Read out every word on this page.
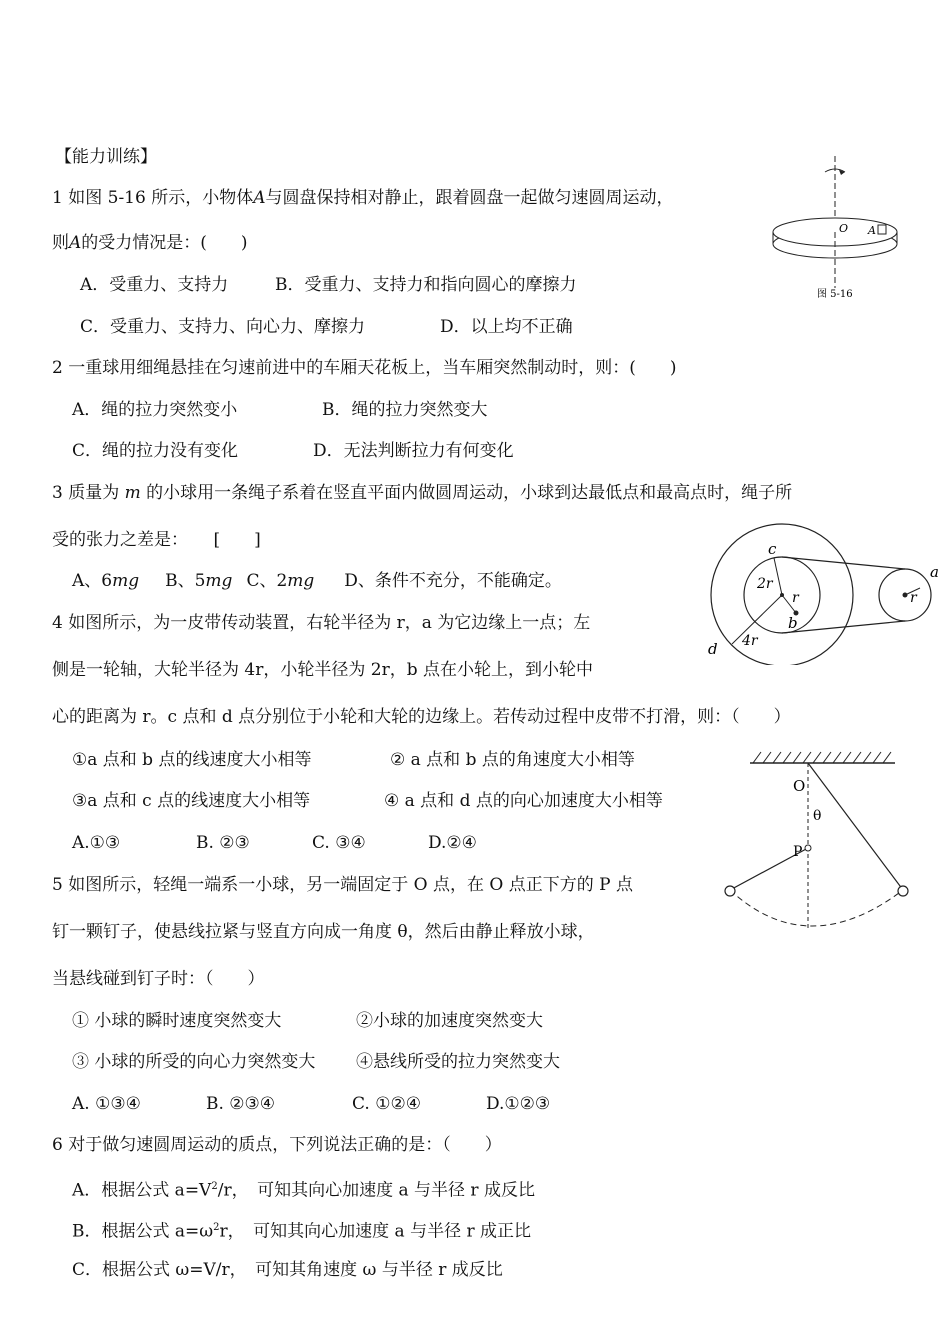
【能力训练】
1 如图 5-16 所示，小物体A与圆盘保持相对静止，跟着圆盘一起做匀速圆周运动，
则A的受力情况是：(　　)
A．受重力、支持力	B．受重力、支持力和指向圆心的摩擦力
C．受重力、支持力、向心力、摩擦力	D．以上均不正确
O A
图 5-16
2 一重球用细绳悬挂在匀速前进中的车厢天花板上，当车厢突然制动时，则：(　　)
A．绳的拉力突然变小	B．绳的拉力突然变大
C．绳的拉力没有变化	D．无法判断拉力有何变化
3 质量为 m 的小球用一条绳子系着在竖直平面内做圆周运动，小球到达最低点和最高点时，绳子所
受的张力之差是：　　[　　]
A、6mg B、5mg C、2mg D、条件不充分，不能确定。
4 如图所示，为一皮带传动装置，右轮半径为 r，a 为它边缘上一点；左
侧是一轮轴，大轮半径为 4r，小轮半径为 2r，b 点在小轮上，到小轮中
心的距离为 r。c 点和 d 点分别位于小轮和大轮的边缘上。若传动过程中皮带不打滑，则：（　　）
①a 点和 b 点的线速度大小相等	② a 点和 b 点的角速度大小相等
③a 点和 c 点的线速度大小相等	④ a 点和 d 点的向心加速度大小相等
A.①③	B. ②③	C. ③④	D.②④
c
2r
r
b
a
r
d 4r
5 如图所示，轻绳一端系一小球，另一端固定于 O 点，在 O 点正下方的 P 点
钉一颗钉子，使悬线拉紧与竖直方向成一角度 θ，然后由静止释放小球，
当悬线碰到钉子时：（　　）
① 小球的瞬时速度突然变大	②小球的加速度突然变大
③ 小球的所受的向心力突然变大 ④悬线所受的拉力突然变大
A. ①③④	B. ②③④	C. ①②④	D.①②③
O
θ
P
6 对于做匀速圆周运动的质点，下列说法正确的是：（　　）
A．根据公式 $a=V^2/r$，　可知其向心加速度 a 与半径 r 成反比
B．根据公式 $a=\omega^2r$，　可知其向心加速度 a 与半径 r 成正比
C．根据公式 ω=V/r，　可知其角速度 ω 与半径 r 成反比
